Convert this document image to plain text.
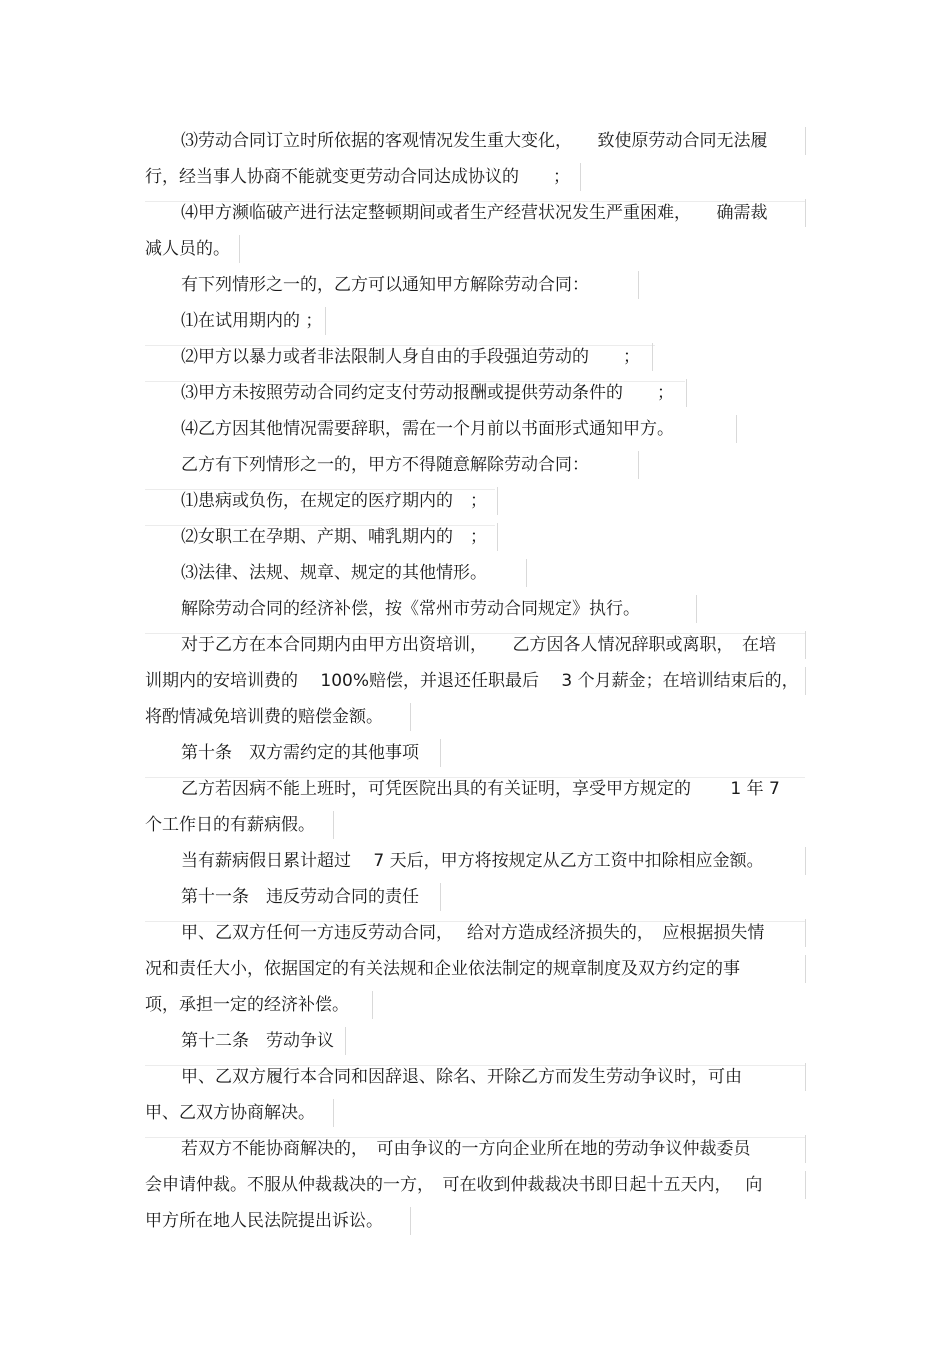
⑶劳动合同订立时所依据的客观情况发生重大变化，　　致使原劳动合同无法履
行，经当事人协商不能就变更劳动合同达成协议的　　；
⑷甲方濒临破产进行法定整顿期间或者生产经营状况发生严重困难，　　确需裁
减人员的。
有下列情形之一的，乙方可以通知甲方解除劳动合同：
⑴在试用期内的 ；
⑵甲方以暴力或者非法限制人身自由的手段强迫劳动的　　；
⑶甲方未按照劳动合同约定支付劳动报酬或提供劳动条件的　　；
⑷乙方因其他情况需要辞职，需在一个月前以书面形式通知甲方。
乙方有下列情形之一的，甲方不得随意解除劳动合同：
⑴患病或负伤，在规定的医疗期内的　；
⑵女职工在孕期、产期、哺乳期内的　；
⑶法律、法规、规章、规定的其他情形。
解除劳动合同的经济补偿，按《常州市劳动合同规定》执行。
对于乙方在本合同期内由甲方出资培训，　　乙方因各人情况辞职或离职，　在培
训期内的安培训费的　 100%赔偿，并退还任职最后　 3 个月薪金；在培训结束后的，
将酌情减免培训费的赔偿金额。
第十条　双方需约定的其他事项
乙方若因病不能上班时，可凭医院出具的有关证明，享受甲方规定的　　 1 年 7
个工作日的有薪病假。
当有薪病假日累计超过　 7 天后，甲方将按规定从乙方工资中扣除相应金额。
第十一条　违反劳动合同的责任
甲、乙双方任何一方违反劳动合同，　 给对方造成经济损失的，　应根据损失情
况和责任大小，依据国定的有关法规和企业依法制定的规章制度及双方约定的事
项，承担一定的经济补偿。
第十二条　劳动争议
甲、乙双方履行本合同和因辞退、除名、开除乙方而发生劳动争议时，可由
甲、乙双方协商解决。
若双方不能协商解决的，　可由争议的一方向企业所在地的劳动争议仲裁委员
会申请仲裁。不服从仲裁裁决的一方，　可在收到仲裁裁决书即日起十五天内，　 向
甲方所在地人民法院提出诉讼。
